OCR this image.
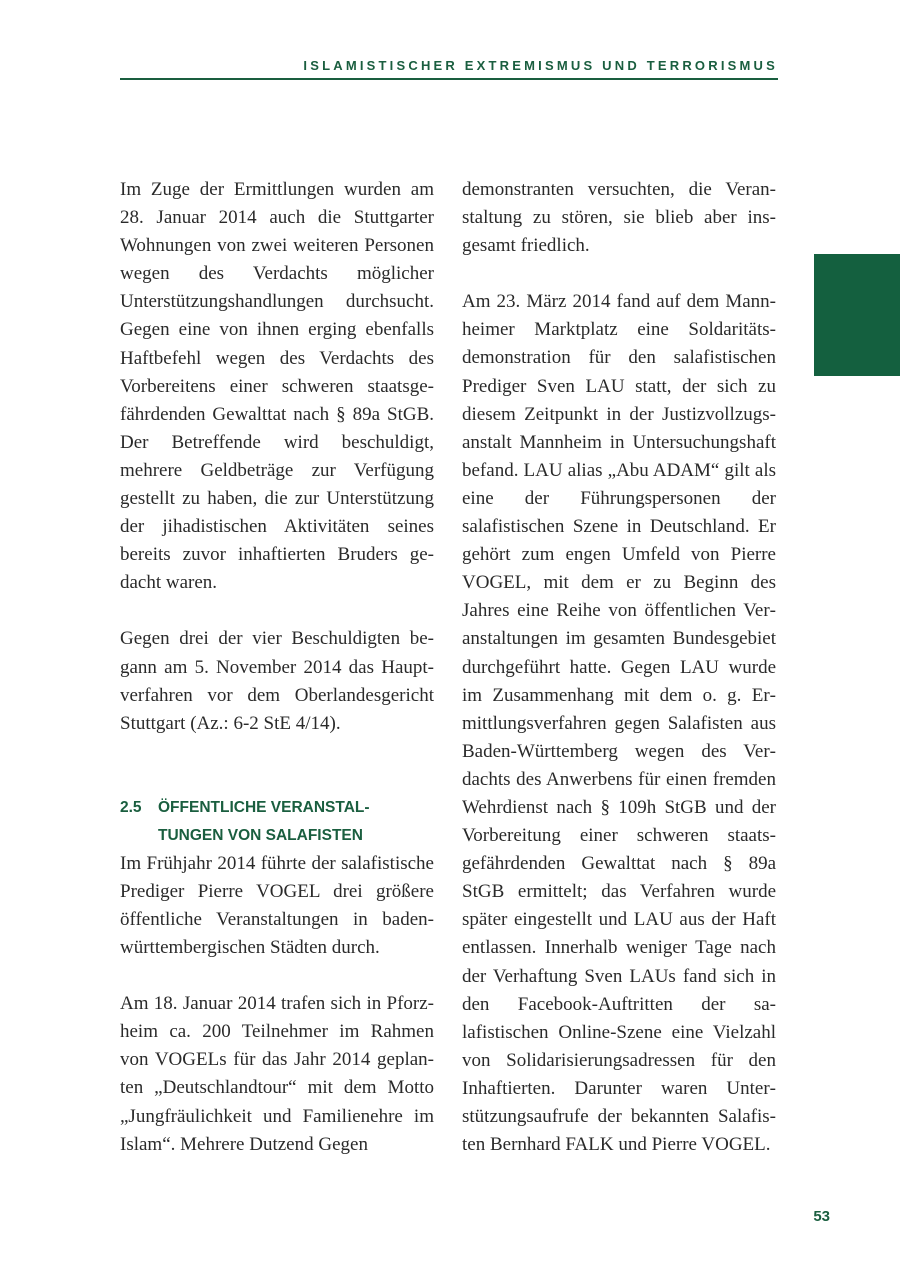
ISLAMISTISCHER EXTREMISMUS UND TERRORISMUS

Im Zuge der Ermittlungen wurden am 28. Januar 2014 auch die Stuttgarter Wohnungen von zwei weiteren Personen wegen des Verdachts möglicher Unterstützungshandlungen durchsucht. Gegen eine von ihnen erging ebenfalls Haftbefehl wegen des Verdachts des Vorbereitens einer schweren staatsgefährdenden Gewalttat nach § 89a StGB. Der Betreffende wird beschuldigt, mehrere Geldbeträge zur Verfügung gestellt zu haben, die zur Unterstützung der jihadistischen Aktivitäten seines bereits zuvor inhaftierten Bruders gedacht waren.

Gegen drei der vier Beschuldigten begann am 5. November 2014 das Hauptverfahren vor dem Oberlandesgericht Stuttgart (Az.: 6-2 StE 4/14).

2.5 ÖFFENTLICHE VERANSTAL-
TUNGEN VON SALAFISTEN

Im Frühjahr 2014 führte der salafistische Prediger Pierre VOGEL drei größere öffentliche Veranstaltungen in badenwürttembergischen Städten durch.

Am 18. Januar 2014 trafen sich in Pforzheim ca. 200 Teilnehmer im Rahmen von VOGELs für das Jahr 2014 geplanten „Deutschlandtour“ mit dem Motto „Jungfräulichkeit und Familienehre im Islam“. Mehrere Dutzend Gegen

demonstranten versuchten, die Veranstaltung zu stören, sie blieb aber insgesamt friedlich.

Am 23. März 2014 fand auf dem Mannheimer Marktplatz eine Soldaritätsdemonstration für den salafistischen Prediger Sven LAU statt, der sich zu diesem Zeitpunkt in der Justizvollzugsanstalt Mannheim in Untersuchungshaft befand. LAU alias „Abu ADAM“ gilt als eine der Führungspersonen der salafistischen Szene in Deutschland. Er gehört zum engen Umfeld von Pierre VOGEL, mit dem er zu Beginn des Jahres eine Reihe von öffentlichen Veranstaltungen im gesamten Bundesgebiet durchgeführt hatte. Gegen LAU wurde im Zusammenhang mit dem o. g. Ermittlungsverfahren gegen Salafisten aus Baden-Württemberg wegen des Verdachts des Anwerbens für einen fremden Wehrdienst nach § 109h StGB und der Vorbereitung einer schweren staatsgefährdenden Gewalttat nach § 89a StGB ermittelt; das Verfahren wurde später eingestellt und LAU aus der Haft entlassen. Innerhalb weniger Tage nach der Verhaftung Sven LAUs fand sich in den Facebook-Auftritten der salafistischen Online-Szene eine Vielzahl von Solidarisierungsadressen für den Inhaftierten. Darunter waren Unterstützungsaufrufe der bekannten Salafisten Bernhard FALK und Pierre VOGEL.

53
